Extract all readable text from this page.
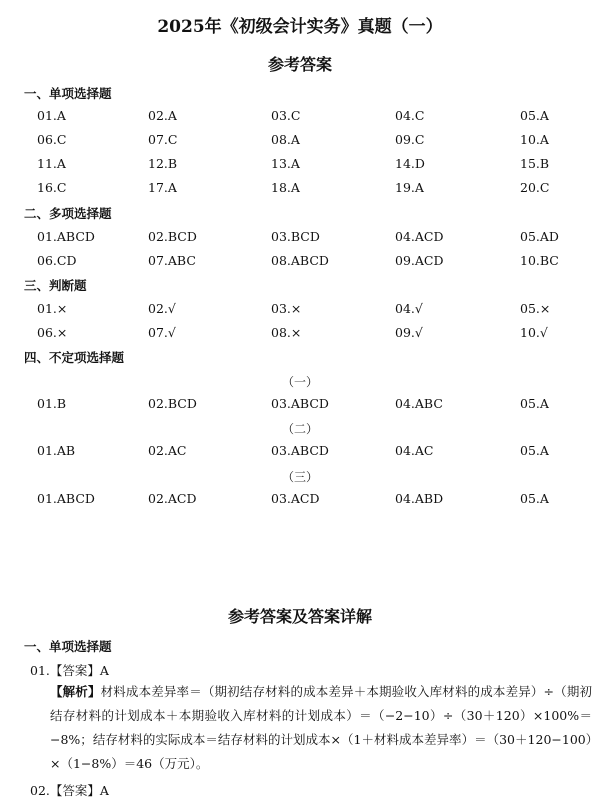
2025年《初级会计实务》真题（一）
参考答案
一、单项选择题
01.A	02.A	03.C	04.C	05.A
06.C	07.C	08.A	09.C	10.A
11.A	12.B	13.A	14.D	15.B
16.C	17.A	18.A	19.A	20.C
二、多项选择题
01.ABCD	02.BCD	03.BCD	04.ACD	05.AD
06.CD	07.ABC	08.ABCD	09.ACD	10.BC
三、判断题
01.×	02.√	03.×	04.√	05.×
06.×	07.√	08.×	09.√	10.√
四、不定项选择题
（一）
01.B	02.BCD	03.ABCD	04.ABC	05.A
（二）
01.AB	02.AC	03.ABCD	04.AC	05.A
（三）
01.ABCD	02.ACD	03.ACD	04.ABD	05.A
参考答案及答案详解
一、单项选择题
01.【答案】A
【解析】材料成本差异率＝（期初结存材料的成本差异＋本期验收入库材料的成本差异）÷（期初结存材料的计划成本＋本期验收入库材料的计划成本）＝（−2−10）÷（30＋120）×100%＝−8%；结存材料的实际成本＝结存材料的计划成本×（1＋材料成本差异率）＝（30＋120−100）×（1−8%）＝46（万元）。
02.【答案】A
